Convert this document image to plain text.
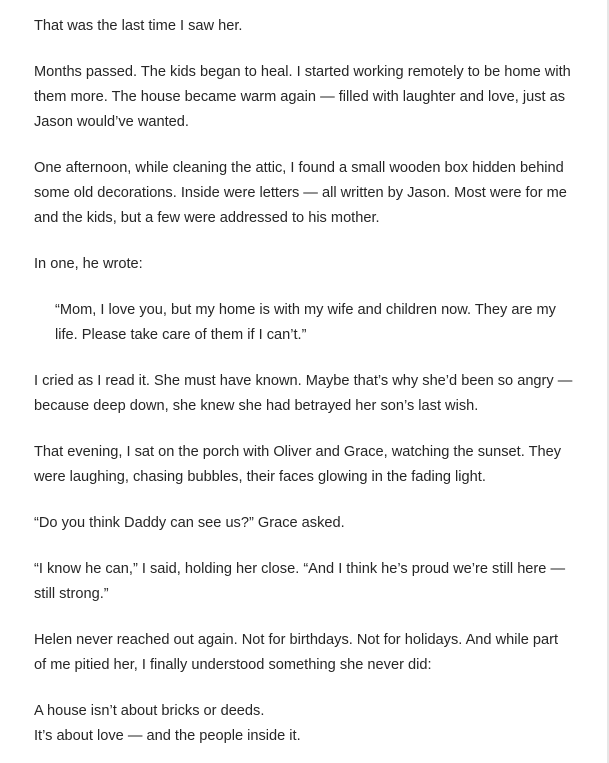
That was the last time I saw her.

Months passed. The kids began to heal. I started working remotely to be home with them more. The house became warm again — filled with laughter and love, just as Jason would’ve wanted.

One afternoon, while cleaning the attic, I found a small wooden box hidden behind some old decorations. Inside were letters — all written by Jason. Most were for me and the kids, but a few were addressed to his mother.

In one, he wrote:

“Mom, I love you, but my home is with my wife and children now. They are my life. Please take care of them if I can’t.”

I cried as I read it. She must have known. Maybe that’s why she’d been so angry — because deep down, she knew she had betrayed her son’s last wish.

That evening, I sat on the porch with Oliver and Grace, watching the sunset. They were laughing, chasing bubbles, their faces glowing in the fading light.

“Do you think Daddy can see us?” Grace asked.

“I know he can,” I said, holding her close. “And I think he’s proud we’re still here — still strong.”

Helen never reached out again. Not for birthdays. Not for holidays. And while part of me pitied her, I finally understood something she never did:

A house isn’t about bricks or deeds.
It’s about love — and the people inside it.
